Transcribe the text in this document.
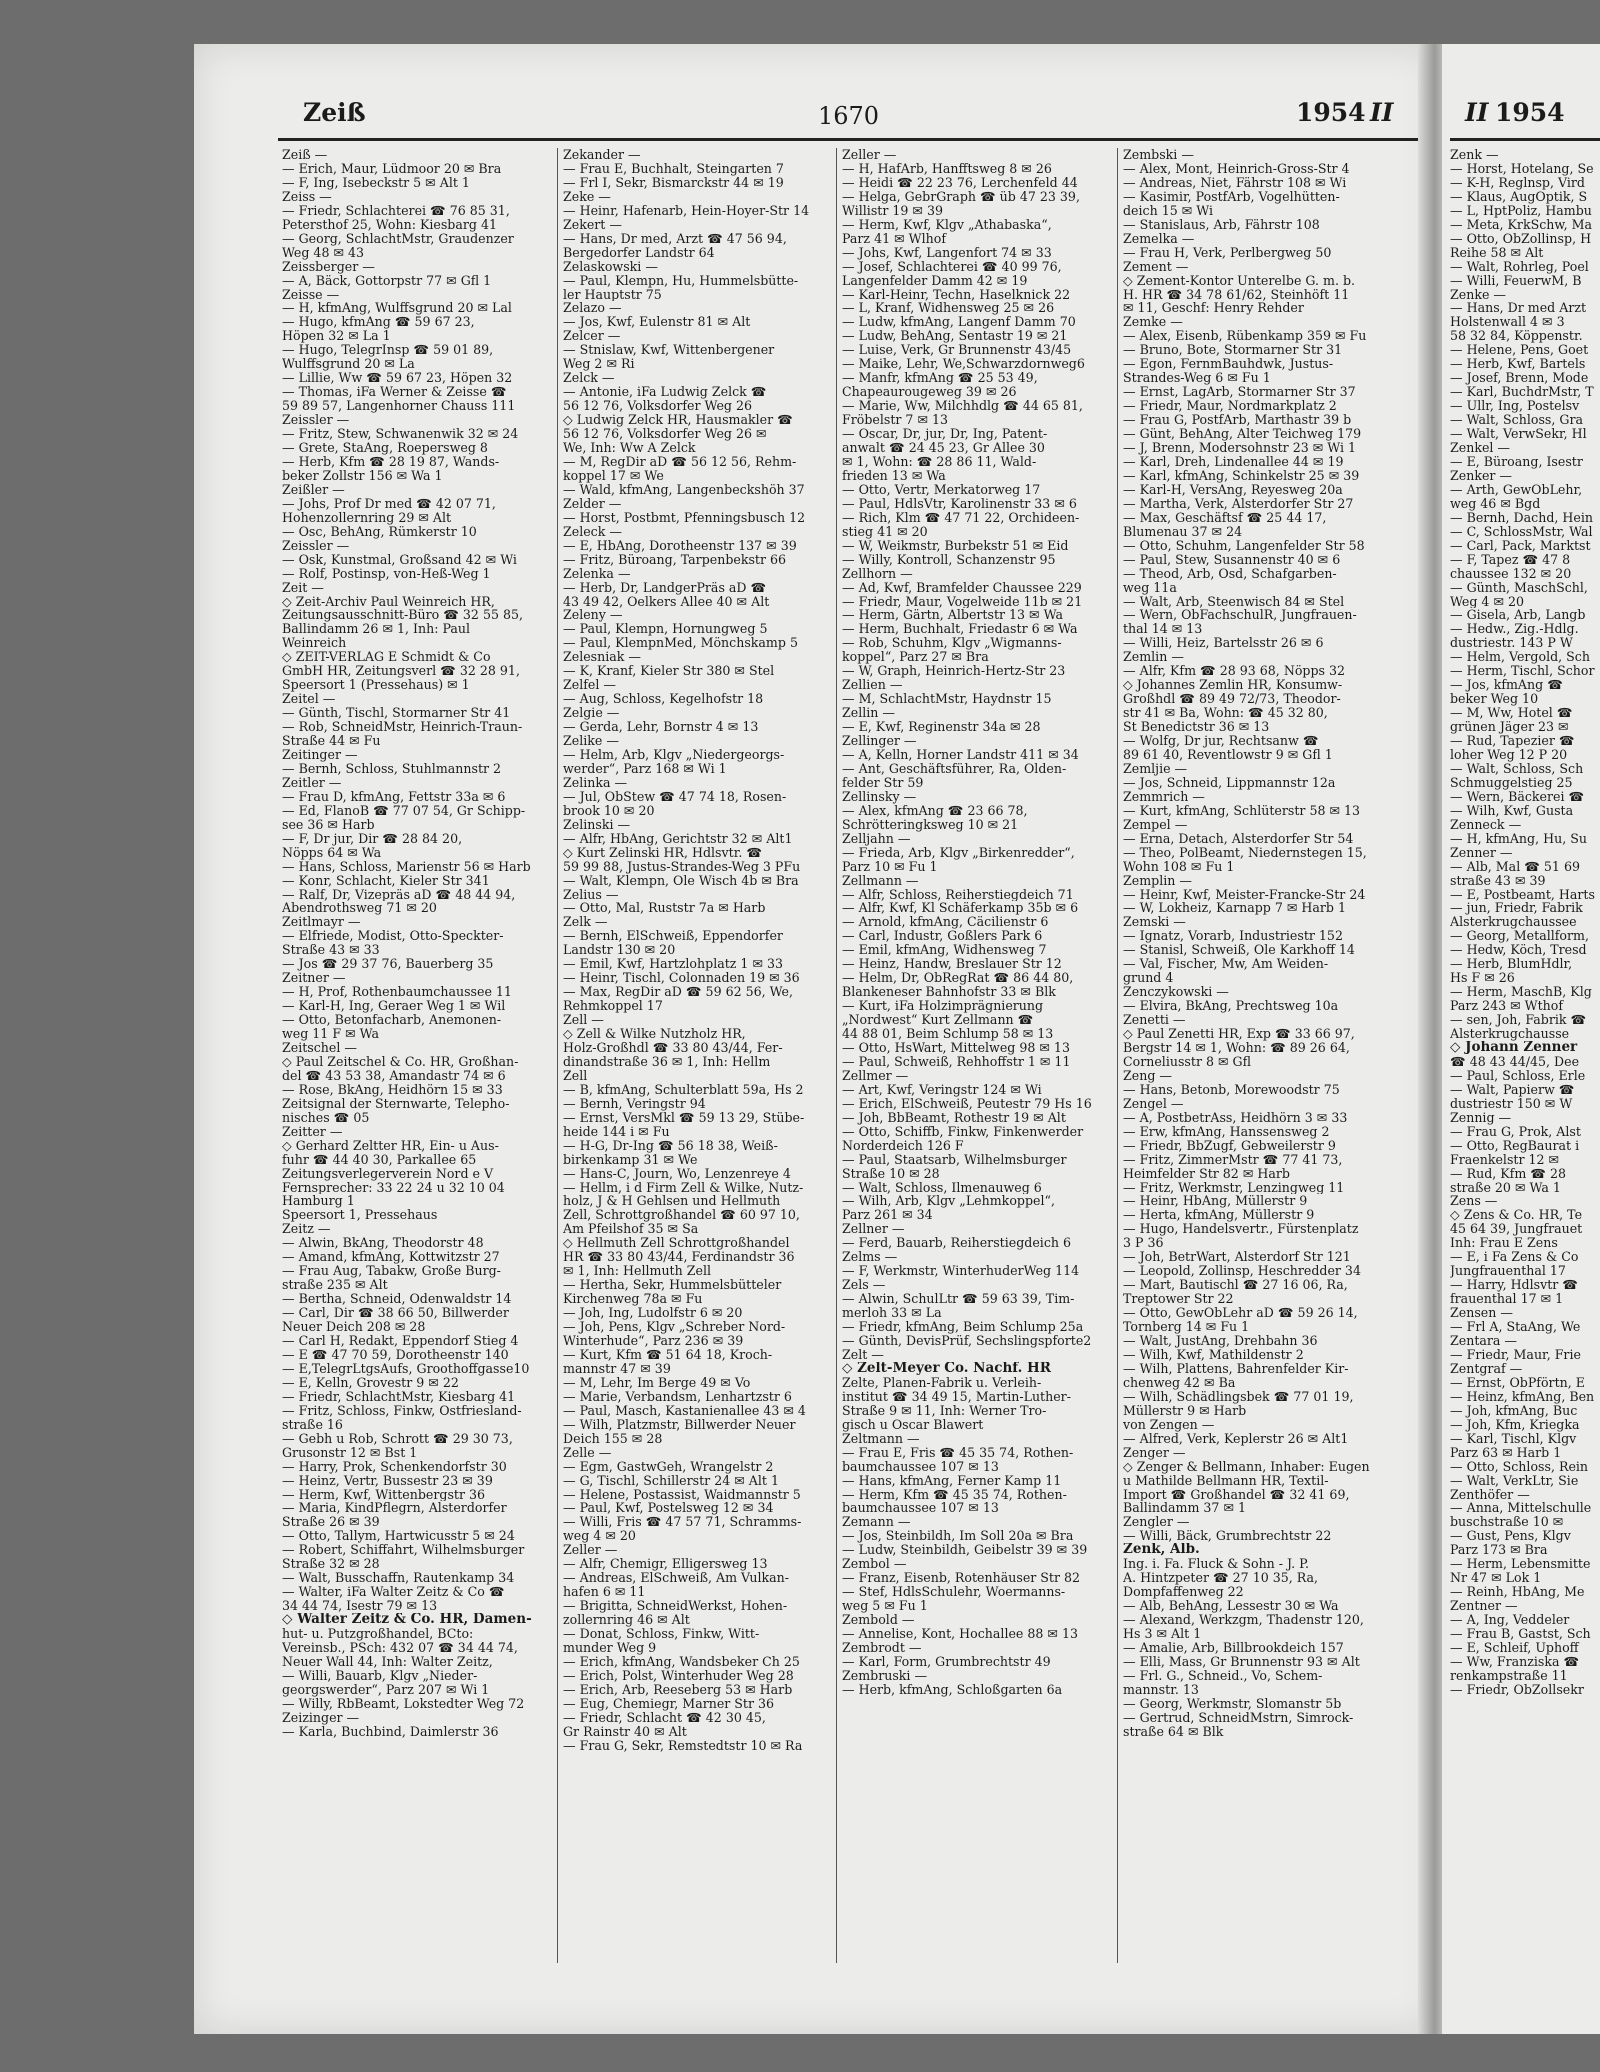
Zeiß	1670	1954 II	II 1954
Zeiß —
— Erich, Maur, Lüdmoor 20 ✉ Bra
— F, Ing, Isebeckstr 5 ✉ Alt 1
Zeiss —
— Friedr, Schlachterei ☎ 76 85 31,
Petersthof 25, Wohn: Kiesbarg 41
— Georg, SchlachtMstr, Graudenzer
Weg 48 ✉ 43
Zeissberger —
— A, Bäck, Gottorpstr 77 ✉ Gfl 1
Zeisse —
— H, kfmAng, Wulffsgrund 20 ✉ Lal
— Hugo, kfmAng ☎ 59 67 23,
Höpen 32 ✉ La 1
— Hugo, TelegrInsp ☎ 59 01 89,
Wulffsgrund 20 ✉ La
— Lillie, Ww ☎ 59 67 23, Höpen 32
— Thomas, iFa Werner & Zeisse ☎
59 89 57, Langenhorner Chauss 111
Zeissler —
— Fritz, Stew, Schwanenwik 32 ✉ 24
— Grete, StaAng, Roepersweg 8
— Herb, Kfm ☎ 28 19 87, Wands-
beker Zollstr 156 ✉ Wa 1
Zeißler —
— Johs, Prof Dr med ☎ 42 07 71,
Hohenzollernring 29 ✉ Alt
— Osc, BehAng, Rümkerstr 10
Zeissler —
— Osk, Kunstmal, Großsand 42 ✉ Wi
— Rolf, Postinsp, von-Heß-Weg 1
Zeit —
◇ Zeit-Archiv Paul Weinreich HR,
Zeitungsausschnitt-Büro ☎ 32 55 85,
Ballindamm 26 ✉ 1, Inh: Paul
Weinreich
◇ ZEIT-VERLAG E Schmidt & Co
GmbH HR, Zeitungsverl ☎ 32 28 91,
Speersort 1 (Pressehaus) ✉ 1
Zeitel —
— Günth, Tischl, Stormarner Str 41
— Rob, SchneidMstr, Heinrich-Traun-
Straße 44 ✉ Fu
Zeitinger —
— Bernh, Schloss, Stuhlmannstr 2
Zeitler —
— Frau D, kfmAng, Fettstr 33a ✉ 6
— Ed, FlanoB ☎ 77 07 54, Gr Schipp-
see 36 ✉ Harb
— F, Dr jur, Dir ☎ 28 84 20,
Nöpps 64 ✉ Wa
— Hans, Schloss, Marienstr 56 ✉ Harb
— Konr, Schlacht, Kieler Str 341
— Ralf, Dr, Vizepräs aD ☎ 48 44 94,
Abendrothsweg 71 ✉ 20
Zeitlmayr —
— Elfriede, Modist, Otto-Speckter-
Straße 43 ✉ 33
— Jos ☎ 29 37 76, Bauerberg 35
Zeitner —
— H, Prof, Rothenbaumchaussee 11
— Karl-H, Ing, Geraer Weg 1 ✉ Wil
— Otto, Betonfacharb, Anemonen-
weg 11 F ✉ Wa
Zeitschel —
◇ Paul Zeitschel & Co. HR, Großhan-
del ☎ 43 53 38, Amandastr 74 ✉ 6
— Rose, BkAng, Heidhörn 15 ✉ 33
Zeitsignal der Sternwarte, Telepho-
nisches ☎ 05
Zeitter —
◇ Gerhard Zeltter HR, Ein- u Aus-
fuhr ☎ 44 40 30, Parkallee 65
Zeitungsverlegerverein Nord e V
Fernsprecher: 33 22 24 u 32 10 04
Hamburg 1
Speersort 1, Pressehaus
Zeitz —
— Alwin, BkAng, Theodorstr 48
— Amand, kfmAng, Kottwitzstr 27
— Frau Aug, Tabakw, Große Burg-
straße 235 ✉ Alt
— Bertha, Schneid, Odenwaldstr 14
— Carl, Dir ☎ 38 66 50, Billwerder
Neuer Deich 208 ✉ 28
— Carl H, Redakt, Eppendorf Stieg 4
— E ☎ 47 70 59, Dorotheenstr 140
— E,TelegrLtgsAufs, Groothoffgasse10
— E, Kelln, Grovestr 9 ✉ 22
— Friedr, SchlachtMstr, Kiesbarg 41
— Fritz, Schloss, Finkw, Ostfriesland-
straße 16
— Gebh u Rob, Schrott ☎ 29 30 73,
Grusonstr 12 ✉ Bst 1
— Harry, Prok, Schenkendorfstr 30
— Heinz, Vertr, Bussestr 23 ✉ 39
— Herm, Kwf, Wittenbergstr 36
— Maria, KindPflegrn, Alsterdorfer
Straße 26 ✉ 39
— Otto, Tallym, Hartwicusstr 5 ✉ 24
— Robert, Schiffahrt, Wilhelmsburger
Straße 32 ✉ 28
— Walt, Busschaffn, Rautenkamp 34
— Walter, iFa Walter Zeitz & Co ☎
34 44 74, Isestr 79 ✉ 13
◇ Walter Zeitz & Co. HR, Damen-
hut- u. Putzgroßhandel, BCto:
Vereinsb., PSch: 432 07 ☎ 34 44 74,
Neuer Wall 44, Inh: Walter Zeitz,
— Willi, Bauarb, Klgv „Nieder-
georgswerder“, Parz 207 ✉ Wi 1
— Willy, RbBeamt, Lokstedter Weg 72
Zeizinger —
— Karla, Buchbind, Daimlerstr 36
Zekander —
— Frau E, Buchhalt, Steingarten 7
— Frl I, Sekr, Bismarckstr 44 ✉ 19
Zeke —
— Heinr, Hafenarb, Hein-Hoyer-Str 14
Zekert —
— Hans, Dr med, Arzt ☎ 47 56 94,
Bergedorfer Landstr 64
Zelaskowski —
— Paul, Klempn, Hu, Hummelsbütte-
ler Hauptstr 75
Zelazo —
— Jos, Kwf, Eulenstr 81 ✉ Alt
Zelcer —
— Stnislaw, Kwf, Wittenbergener
Weg 2 ✉ Ri
Zelck —
— Antonie, iFa Ludwig Zelck ☎
56 12 76, Volksdorfer Weg 26
◇ Ludwig Zelck HR, Hausmakler ☎
56 12 76, Volksdorfer Weg 26 ✉
We, Inh: Ww A Zelck
— M, RegDir aD ☎ 56 12 56, Rehm-
koppel 17 ✉ We
— Wald, kfmAng, Langenbeckshöh 37
Zelder —
— Horst, Postbmt, Pfenningsbusch 12
Zeleck —
— E, HbAng, Dorotheenstr 137 ✉ 39
— Fritz, Büroang, Tarpenbekstr 66
Zelenka —
— Herb, Dr, LandgerPräs aD ☎
43 49 42, Oelkers Allee 40 ✉ Alt
Zeleny —
— Paul, Klempn, Hornungweg 5
— Paul, KlempnMed, Mönchskamp 5
Zelesniak —
— K, Kranf, Kieler Str 380 ✉ Stel
Zelfel —
— Aug, Schloss, Kegelhofstr 18
Zelgie —
— Gerda, Lehr, Bornstr 4 ✉ 13
Zelike —
— Helm, Arb, Klgv „Niedergeorgs-
werder“, Parz 168 ✉ Wi 1
Zelinka —
— Jul, ObStew ☎ 47 74 18, Rosen-
brook 10 ✉ 20
Zelinski —
— Alfr, HbAng, Gerichtstr 32 ✉ Alt1
◇ Kurt Zelinski HR, Hdlsvtr. ☎
59 99 88, Justus-Strandes-Weg 3 PFu
— Walt, Klempn, Ole Wisch 4b ✉ Bra
Zelius —
— Otto, Mal, Ruststr 7a ✉ Harb
Zelk —
— Bernh, ElSchweiß, Eppendorfer
Landstr 130 ✉ 20
— Emil, Kwf, Hartzlohplatz 1 ✉ 33
— Heinr, Tischl, Colonnaden 19 ✉ 36
— Max, RegDir aD ☎ 59 62 56, We,
Rehmkoppel 17
Zell —
◇ Zell & Wilke Nutzholz HR,
Holz-Großhdl ☎ 33 80 43/44, Fer-
dinandstraße 36 ✉ 1, Inh: Hellm
Zell
— B, kfmAng, Schulterblatt 59a, Hs 2
— Bernh, Veringstr 94
— Ernst, VersMkl ☎ 59 13 29, Stübe-
heide 144 i ✉ Fu
— H-G, Dr-Ing ☎ 56 18 38, Weiß-
birkenkamp 31 ✉ We
— Hans-C, Journ, Wo, Lenzenreye 4
— Hellm, i d Firm Zell & Wilke, Nutz-
holz, J & H Gehlsen und Hellmuth
Zell, Schrottgroßhandel ☎ 60 97 10,
Am Pfeilshof 35 ✉ Sa
◇ Hellmuth Zell Schrottgroßhandel
HR ☎ 33 80 43/44, Ferdinandstr 36
✉ 1, Inh: Hellmuth Zell
— Hertha, Sekr, Hummelsbütteler
Kirchenweg 78a ✉ Fu
— Joh, Ing, Ludolfstr 6 ✉ 20
— Joh, Pens, Klgv „Schreber Nord-
Winterhude“, Parz 236 ✉ 39
— Kurt, Kfm ☎ 51 64 18, Kroch-
mannstr 47 ✉ 39
— M, Lehr, Im Berge 49 ✉ Vo
— Marie, Verbandsm, Lenhartzstr 6
— Paul, Masch, Kastanienallee 43 ✉ 4
— Wilh, Platzmstr, Billwerder Neuer
Deich 155 ✉ 28
Zelle —
— Egm, GastwGeh, Wrangelstr 2
— G, Tischl, Schillerstr 24 ✉ Alt 1
— Helene, Postassist, Waidmannstr 5
— Paul, Kwf, Postelsweg 12 ✉ 34
— Willi, Fris ☎ 47 57 71, Schramms-
weg 4 ✉ 20
Zeller —
— Alfr, Chemigr, Elligersweg 13
— Andreas, ElSchweiß, Am Vulkan-
hafen 6 ✉ 11
— Brigitta, SchneidWerkst, Hohen-
zollernring 46 ✉ Alt
— Donat, Schloss, Finkw, Witt-
munder Weg 9
— Erich, kfmAng, Wandsbeker Ch 25
— Erich, Polst, Winterhuder Weg 28
— Erich, Arb, Reeseberg 53 ✉ Harb
— Eug, Chemiegr, Marner Str 36
— Friedr, Schlacht ☎ 42 30 45,
Gr Rainstr 40 ✉ Alt
— Frau G, Sekr, Remstedtstr 10 ✉ Ra
Zeller —
— H, HafArb, Hanfftsweg 8 ✉ 26
— Heidi ☎ 22 23 76, Lerchenfeld 44
— Helga, GebrGraph ☎ üb 47 23 39,
Willistr 19 ✉ 39
— Herm, Kwf, Klgv „Athabaska“,
Parz 41 ✉ Wlhof
— Johs, Kwf, Langenfort 74 ✉ 33
— Josef, Schlachterei ☎ 40 99 76,
Langenfelder Damm 42 ✉ 19
— Karl-Heinr, Techn, Haselknick 22
— L, Kranf, Widhensweg 25 ✉ 26
— Ludw, kfmAng, Langenf Damm 70
— Ludw, BehAng, Sentastr 19 ✉ 21
— Luise, Verk, Gr Brunnenstr 43/45
— Maike, Lehr, We,Schwarzdornweg6
— Manfr, kfmAng ☎ 25 53 49,
Chapeaurougeweg 39 ✉ 26
— Marie, Ww, Milchhdlg ☎ 44 65 81,
Fröbelstr 7 ✉ 13
— Oscar, Dr, jur, Dr, Ing, Patent-
anwalt ☎ 24 45 23, Gr Allee 30
✉ 1, Wohn: ☎ 28 86 11, Wald-
frieden 13 ✉ Wa
— Otto, Vertr, Merkatorweg 17
— Paul, HdlsVtr, Karolinenstr 33 ✉ 6
— Rich, Klm ☎ 47 71 22, Orchideen-
stieg 41 ✉ 20
— W, Weikmstr, Burbekstr 51 ✉ Eid
— Willy, Kontroll, Schanzenstr 95
Zellhorn —
— Ad, Kwf, Bramfelder Chaussee 229
— Friedr, Maur, Vogelweide 11b ✉ 21
— Herm, Gärtn, Albertstr 13 ✉ Wa
— Herm, Buchhalt, Friedastr 6 ✉ Wa
— Rob, Schuhm, Klgv „Wigmanns-
koppel“, Parz 27 ✉ Bra
— W, Graph, Heinrich-Hertz-Str 23
Zellien —
— M, SchlachtMstr, Haydnstr 15
Zellin —
— E, Kwf, Reginenstr 34a ✉ 28
Zellinger —
— A, Kelln, Horner Landstr 411 ✉ 34
— Ant, Geschäftsführer, Ra, Olden-
felder Str 59
Zellinsky —
— Alex, kfmAng ☎ 23 66 78,
Schrötteringksweg 10 ✉ 21
Zelljahn —
— Frieda, Arb, Klgv „Birkenredder“,
Parz 10 ✉ Fu 1
Zellmann —
— Alfr, Schloss, Reiherstiegdeich 71
— Alfr, Kwf, Kl Schäferkamp 35b ✉ 6
— Arnold, kfmAng, Cäcilienstr 6
— Carl, Industr, Goßlers Park 6
— Emil, kfmAng, Widhensweg 7
— Heinz, Handw, Breslauer Str 12
— Helm, Dr, ObRegRat ☎ 86 44 80,
Blankeneser Bahnhofstr 33 ✉ Blk
— Kurt, iFa Holzimprägnierung
„Nordwest“ Kurt Zellmann ☎
44 88 01, Beim Schlump 58 ✉ 13
— Otto, HsWart, Mittelweg 98 ✉ 13
— Paul, Schweiß, Rehhoffstr 1 ✉ 11
Zellmer —
— Art, Kwf, Veringstr 124 ✉ Wi
— Erich, ElSchweiß, Peutestr 79 Hs 16
— Joh, BbBeamt, Rothestr 19 ✉ Alt
— Otto, Schiffb, Finkw, Finkenwerder
Norderdeich 126 F
— Paul, Staatsarb, Wilhelmsburger
Straße 10 ✉ 28
— Walt, Schloss, Ilmenauweg 6
— Wilh, Arb, Klgv „Lehmkoppel“,
Parz 261 ✉ 34
Zellner —
— Ferd, Bauarb, Reiherstiegdeich 6
Zelms —
— F, Werkmstr, WinterhuderWeg 114
Zels —
— Alwin, SchulLtr ☎ 59 63 39, Tim-
merloh 33 ✉ La
— Friedr, kfmAng, Beim Schlump 25a
— Günth, DevisPrüf, Sechslingspforte2
Zelt —
◇ Zelt-Meyer Co. Nachf. HR
Zelte, Planen-Fabrik u. Verleih-
institut ☎ 34 49 15, Martin-Luther-
Straße 9 ✉ 11, Inh: Werner Tro-
gisch u Oscar Blawert
Zeltmann —
— Frau E, Fris ☎ 45 35 74, Rothen-
baumchaussee 107 ✉ 13
— Hans, kfmAng, Ferner Kamp 11
— Herm, Kfm ☎ 45 35 74, Rothen-
baumchaussee 107 ✉ 13
Zemann —
— Jos, Steinbildh, Im Soll 20a ✉ Bra
— Ludw, Steinbildh, Geibelstr 39 ✉ 39
Zembol —
— Franz, Eisenb, Rotenhäuser Str 82
— Stef, HdlsSchulehr, Woermanns-
weg 5 ✉ Fu 1
Zembold —
— Annelise, Kont, Hochallee 88 ✉ 13
Zembrodt —
— Karl, Form, Grumbrechtstr 49
Zembruski —
— Herb, kfmAng, Schloßgarten 6a
Zembski —
— Alex, Mont, Heinrich-Gross-Str 4
— Andreas, Niet, Fährstr 108 ✉ Wi
— Kasimir, PostfArb, Vogelhütten-
deich 15 ✉ Wi
— Stanislaus, Arb, Fährstr 108
Zemelka —
— Frau H, Verk, Perlbergweg 50
Zement —
◇ Zement-Kontor Unterelbe G. m. b.
H. HR ☎ 34 78 61/62, Steinhöft 11
✉ 11, Geschf: Henry Rehder
Zemke —
— Alex, Eisenb, Rübenkamp 359 ✉ Fu
— Bruno, Bote, Stormarner Str 31
— Egon, FernmBauhdwk, Justus-
Strandes-Weg 6 ✉ Fu 1
— Ernst, LagArb, Stormarner Str 37
— Friedr, Maur, Nordmarkplatz 2
— Frau G, PostfArb, Marthastr 39 b
— Günt, BehAng, Alter Teichweg 179
— J, Brenn, Modersohnstr 23 ✉ Wi 1
— Karl, Dreh, Lindenallee 44 ✉ 19
— Karl, kfmAng, Schinkelstr 25 ✉ 39
— Karl-H, VersAng, Reyesweg 20a
— Martha, Verk, Alsterdorfer Str 27
— Max, Geschäftsf ☎ 25 44 17,
Blumenau 37 ✉ 24
— Otto, Schuhm, Langenfelder Str 58
— Paul, Stew, Susannenstr 40 ✉ 6
— Theod, Arb, Osd, Schafgarben-
weg 11a
— Walt, Arb, Steenwisch 84 ✉ Stel
— Wern, ObFachschulR, Jungfrauen-
thal 14 ✉ 13
— Willi, Heiz, Bartelsstr 26 ✉ 6
Zemlin —
— Alfr, Kfm ☎ 28 93 68, Nöpps 32
◇ Johannes Zemlin HR, Konsumw-
Großhdl ☎ 89 49 72/73, Theodor-
str 41 ✉ Ba, Wohn: ☎ 45 32 80,
St Benedictstr 36 ✉ 13
— Wolfg, Dr jur, Rechtsanw ☎
89 61 40, Reventlowstr 9 ✉ Gfl 1
Zemljie —
— Jos, Schneid, Lippmannstr 12a
Zemmrich —
— Kurt, kfmAng, Schlüterstr 58 ✉ 13
Zempel —
— Erna, Detach, Alsterdorfer Str 54
— Theo, PolBeamt, Niedernstegen 15,
Wohn 108 ✉ Fu 1
Zemplin —
— Heinr, Kwf, Meister-Francke-Str 24
— W, Lokheiz, Karnapp 7 ✉ Harb 1
Zemski —
— Ignatz, Vorarb, Industriestr 152
— Stanisl, Schweiß, Ole Karkhoff 14
— Val, Fischer, Mw, Am Weiden-
grund 4
Zenczykowski —
— Elvira, BkAng, Prechtsweg 10a
Zenetti —
◇ Paul Zenetti HR, Exp ☎ 33 66 97,
Bergstr 14 ✉ 1, Wohn: ☎ 89 26 64,
Corneliusstr 8 ✉ Gfl
Zeng —
— Hans, Betonb, Morewoodstr 75
Zengel —
— A, PostbetrAss, Heidhörn 3 ✉ 33
— Erw, kfmAng, Hanssensweg 2
— Friedr, BbZugf, Gebweilerstr 9
— Fritz, ZimmerMstr ☎ 77 41 73,
Heimfelder Str 82 ✉ Harb
— Fritz, Werkmstr, Lenzingweg 11
— Heinr, HbAng, Müllerstr 9
— Herta, kfmAng, Müllerstr 9
— Hugo, Handelsvertr., Fürstenplatz
3 P 36
— Joh, BetrWart, Alsterdorf Str 121
— Leopold, Zollinsp, Heschredder 34
— Mart, Bautischl ☎ 27 16 06, Ra,
Treptower Str 22
— Otto, GewObLehr aD ☎ 59 26 14,
Tornberg 14 ✉ Fu 1
— Walt, JustAng, Drehbahn 36
— Wilh, Kwf, Mathildenstr 2
— Wilh, Plattens, Bahrenfelder Kir-
chenweg 42 ✉ Ba
— Wilh, Schädlingsbek ☎ 77 01 19,
Müllerstr 9 ✉ Harb
von Zengen —
— Alfred, Verk, Keplerstr 26 ✉ Alt1
Zenger —
◇ Zenger & Bellmann, Inhaber: Eugen
u Mathilde Bellmann HR, Textil-
Import ☎ Großhandel ☎ 32 41 69,
Ballindamm 37 ✉ 1
Zengler —
— Willi, Bäck, Grumbrechtstr 22
Zenk, Alb.
Ing. i. Fa. Fluck & Sohn - J. P.
A. Hintzpeter ☎ 27 10 35, Ra,
Dompfaffenweg 22
— Alb, BehAng, Lessestr 30 ✉ Wa
— Alexand, Werkzgm, Thadenstr 120,
Hs 3 ✉ Alt 1
— Amalie, Arb, Billbrookdeich 157
— Elli, Mass, Gr Brunnenstr 93 ✉ Alt
— Frl. G., Schneid., Vo, Schem-
mannstr. 13
— Georg, Werkmstr, Slomanstr 5b
— Gertrud, SchneidMstrn, Simrock-
straße 64 ✉ Blk
Zenk —
— Horst, Hotelang, Se
— K-H, Reglnsp, Vird
— Klaus, AugOptik, S
— L, HptPoliz, Hambu
— Meta, KrkSchw, Ma
— Otto, ObZollinsp, H
Reihe 58 ✉ Alt
— Walt, Rohrleg, Poel
— Willi, FeuerwM, B
Zenke —
— Hans, Dr med Arzt
Holstenwall 4 ✉ 3
58 32 84, Köppenstr.
— Helene, Pens, Goet
— Herb, Kwf, Bartels
— Josef, Brenn, Mode
— Karl, BuchdrMstr, T
— Ullr, Ing, Postelsv
— Walt, Schloss, Gra
— Walt, VerwSekr, Hl
Zenkel —
— E, Büroang, Isestr
Zenker —
— Arth, GewObLehr,
weg 46 ✉ Bgd
— Bernh, Dachd, Hein
— C, SchlossMstr, Wal
— Carl, Pack, Marktst
— F, Tapez ☎ 47 8
chaussee 132 ✉ 20
— Günth, MaschSchl,
Weg 4 ✉ 20
— Gisela, Arb, Langb
— Hedw., Zig.-Hdlg.
dustriestr. 143 P W
— Helm, Vergold, Sch
— Herm, Tischl, Schor
— Jos, kfmAng ☎
beker Weg 10
— M, Ww, Hotel ☎
grünen Jäger 23 ✉
— Rud, Tapezier ☎
loher Weg 12 P 20
— Walt, Schloss, Sch
Schmuggelstieg 25
— Wern, Bäckerei ☎
— Wilh, Kwf, Gusta
Zenneck —
— H, kfmAng, Hu, Su
Zenner —
— Alb, Mal ☎ 51 69
straße 43 ✉ 39
— E, Postbeamt, Harts
— jun, Friedr, Fabrik
Alsterkrugchaussee
— Georg, Metallform,
— Hedw, Köch, Tresd
— Herb, BlumHdlr,
Hs F ✉ 26
— Herm, MaschB, Klg
Parz 243 ✉ Wthof
— sen, Joh, Fabrik ☎
Alsterkrugchausse
◇ Johann Zenner
☎ 48 43 44/45, Dee
— Paul, Schloss, Erle
— Walt, Papierw ☎
dustriestr 150 ✉ W
Zennig —
— Frau G, Prok, Alst
— Otto, RegBaurat i
Fraenkelstr 12 ✉
— Rud, Kfm ☎ 28
straße 20 ✉ Wa 1
Zens —
◇ Zens & Co. HR, Te
45 64 39, Jungfrauet
Inh: Frau E Zens
— E, i Fa Zens & Co
Jungfrauenthal 17
— Harry, Hdlsvtr ☎
frauenthal 17 ✉ 1
Zensen —
— Frl A, StaAng, We
Zentara —
— Friedr, Maur, Frie
Zentgraf —
— Ernst, ObPförtn, E
— Heinz, kfmAng, Ben
— Joh, kfmAng, Buc
— Joh, Kfm, Kriegka
— Karl, Tischl, Klgv
Parz 63 ✉ Harb 1
— Otto, Schloss, Rein
— Walt, VerkLtr, Sie
Zenthöfer —
— Anna, Mittelschulle
buschstraße 10 ✉
— Gust, Pens, Klgv
Parz 173 ✉ Bra
— Herm, Lebensmitte
Nr 47 ✉ Lok 1
— Reinh, HbAng, Me
Zentner —
— A, Ing, Veddeler
— Frau B, Gastst, Sch
— E, Schleif, Uphoff
— Ww, Franziska ☎
renkampstraße 11
— Friedr, ObZollsekr
